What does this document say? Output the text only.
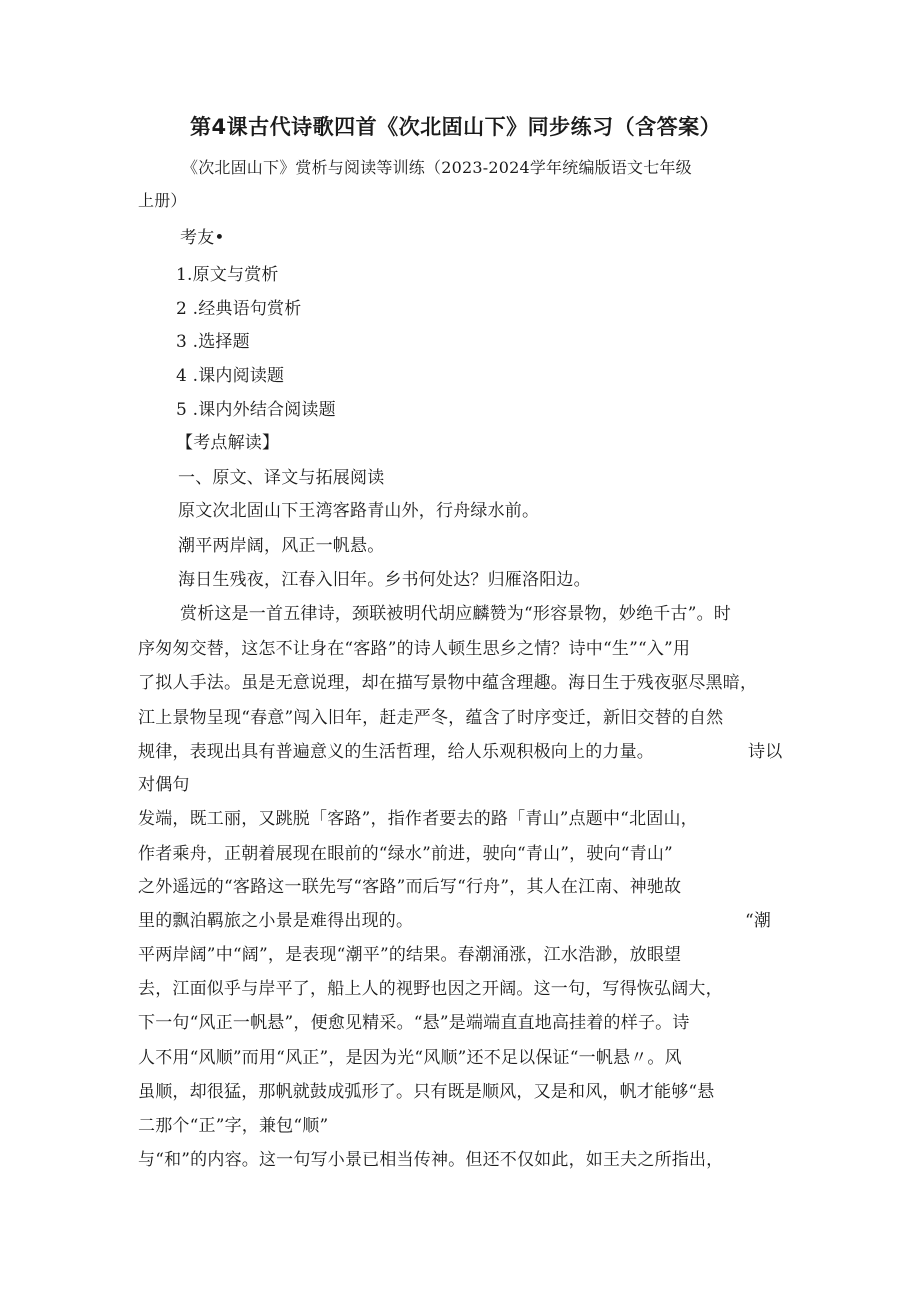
第4课古代诗歌四首《次北固山下》同步练习（含答案）
《次北固山下》赏析与阅读等训练（2023-2024学年统编版语文七年级
上册）
考友•
1.原文与赏析
2 .经典语句赏析
3 .选择题
4 .课内阅读题
5 .课内外结合阅读题
【考点解读】
一、原文、译文与拓展阅读
原文次北固山下王湾客路青山外，行舟绿水前。
潮平两岸阔，风正一帆悬。
海日生残夜，江春入旧年。乡书何处达？归雁洛阳边。
赏析这是一首五律诗，颈联被明代胡应麟赞为“形容景物，妙绝千古”。时
序匆匆交替，这怎不让身在“客路”的诗人顿生思乡之情？诗中“生”“入”用
了拟人手法。虽是无意说理，却在描写景物中蕴含理趣。海日生于残夜驱尽黑暗，
江上景物呈现“春意”闯入旧年，赶走严冬，蕴含了时序变迁，新旧交替的自然
规律，表现出具有普遍意义的生活哲理，给人乐观积极向上的力量。	诗以
对偶句
发端，既工丽，又跳脱「客路”，指作者要去的路「青山”点题中“北固山，
作者乘舟，正朝着展现在眼前的“绿水”前进，驶向“青山”，驶向“青山”
之外遥远的“客路这一联先写“客路”而后写“行舟”，其人在江南、神驰故
里的飘泊羁旅之小景是难得出现的。	“潮
平两岸阔”中“阔”，是表现“潮平”的结果。春潮涌涨，江水浩渺，放眼望
去，江面似乎与岸平了，船上人的视野也因之开阔。这一句，写得恢弘阔大，
下一句“风正一帆悬”，便愈见精采。“悬”是端端直直地高挂着的样子。诗
人不用“风顺”而用“风正”，是因为光“风顺”还不足以保证“一帆悬〃。风
虽顺，却很猛，那帆就鼓成弧形了。只有既是顺风，又是和风，帆才能够“悬
二那个“正”字，兼包“顺”
与“和”的内容。这一句写小景已相当传神。但还不仅如此，如王夫之所指出，
